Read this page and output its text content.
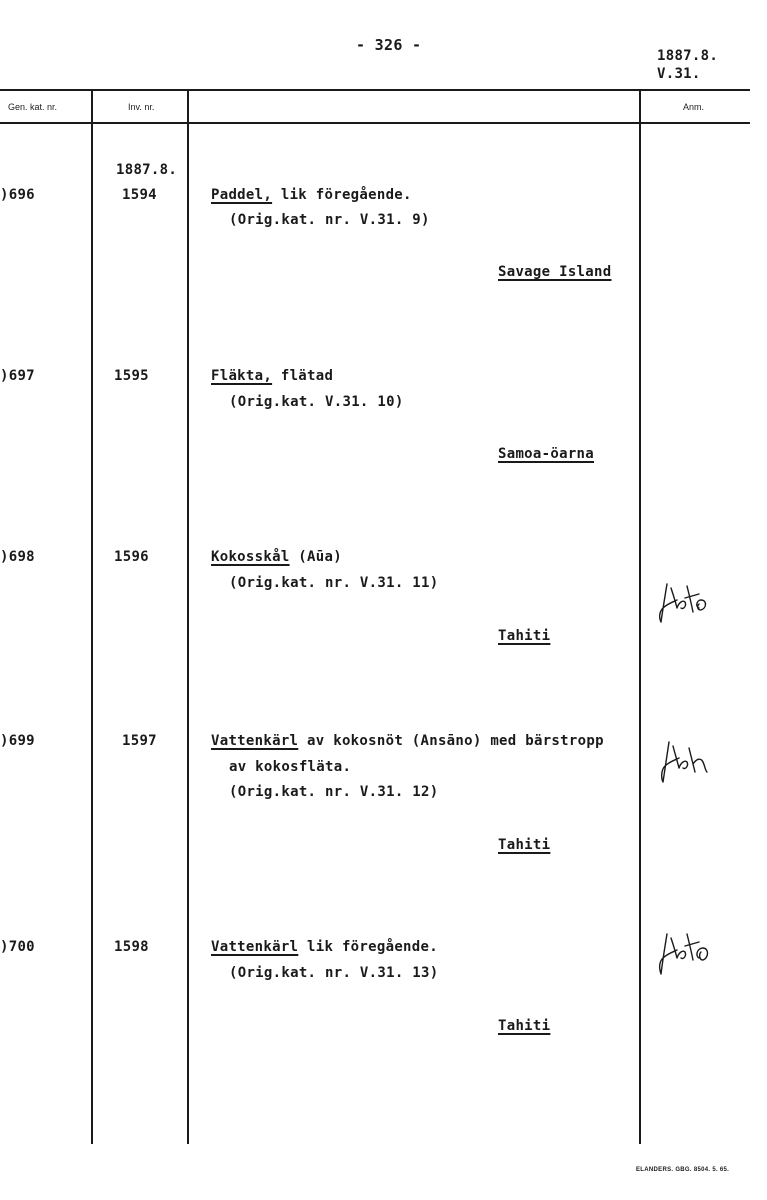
- 326 -
1887.8.
V.31.
Gen. kat. nr.	Inv. nr.	Anm.
1887.8.
)696	1594	Paddel, lik föregående.
(Orig.kat. nr. V.31. 9)
Savage Island
)697	1595	Fläkta, flätad
(Orig.kat. V.31. 10)
Samoa-öarna
)698	1596	Kokosskål (Aūa)
(Orig.kat. nr. V.31. 11)
Tahiti
)699	1597	Vattenkärl av kokosnöt (Ansāno) med bärstropp
av kokosfläta.
(Orig.kat. nr. V.31. 12)
Tahiti
)700	1598	Vattenkärl lik föregående.
(Orig.kat. nr. V.31. 13)
Tahiti
ELANDERS. GBG. 8504. 5. 65.
